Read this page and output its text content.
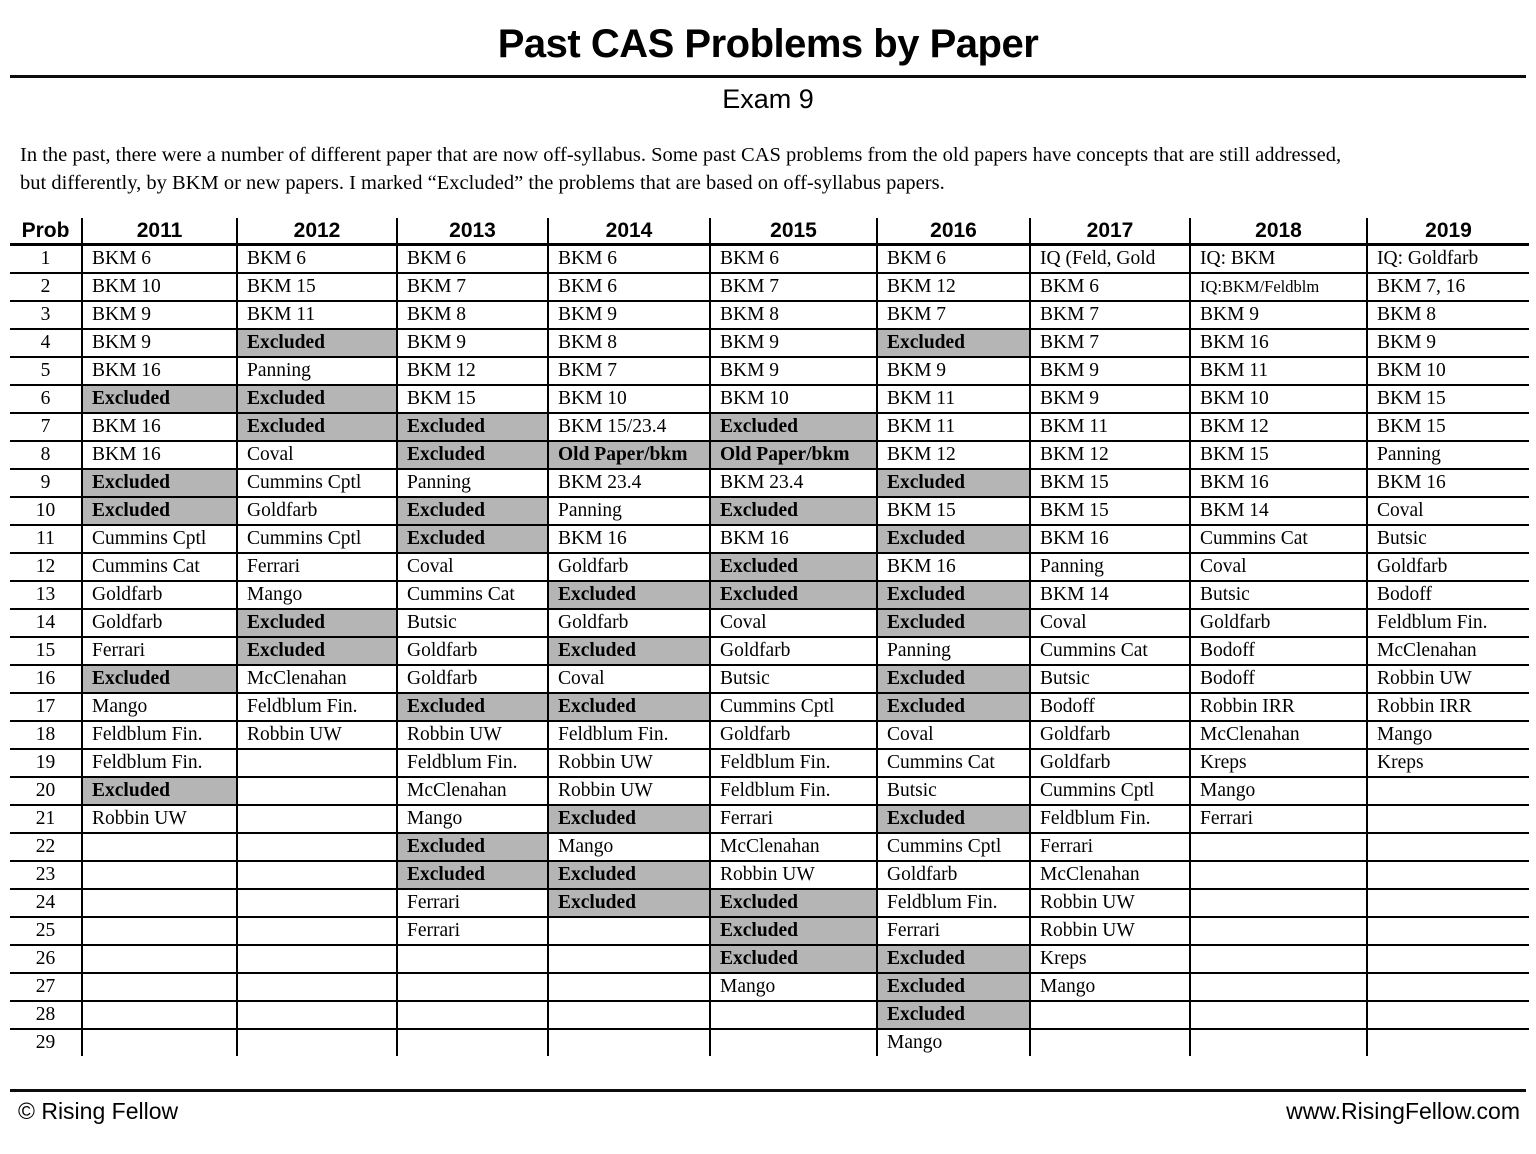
Past CAS Problems by Paper
Exam 9
In the past, there were a number of different paper that are now off-syllabus. Some past CAS problems from the old papers have concepts that are still addressed,
but differently, by BKM or new papers. I marked “Excluded” the problems that are based on off-syllabus papers.
Prob	2011	2012	2013	2014	2015	2016	2017	2018	2019
1	BKM 6	BKM 6	BKM 6	BKM 6	BKM 6	BKM 6	IQ (Feld, Gold	IQ: BKM	IQ: Goldfarb
2	BKM 10	BKM 15	BKM 7	BKM 6	BKM 7	BKM 12	BKM 6	IQ:BKM/Feldblm	BKM 7, 16
3	BKM 9	BKM 11	BKM 8	BKM 9	BKM 8	BKM 7	BKM 7	BKM 9	BKM 8
4	BKM 9	Excluded	BKM 9	BKM 8	BKM 9	Excluded	BKM 7	BKM 16	BKM 9
5	BKM 16	Panning	BKM 12	BKM 7	BKM 9	BKM 9	BKM 9	BKM 11	BKM 10
6	Excluded	Excluded	BKM 15	BKM 10	BKM 10	BKM 11	BKM 9	BKM 10	BKM 15
7	BKM 16	Excluded	Excluded	BKM 15/23.4	Excluded	BKM 11	BKM 11	BKM 12	BKM 15
8	BKM 16	Coval	Excluded	Old Paper/bkm	Old Paper/bkm	BKM 12	BKM 12	BKM 15	Panning
9	Excluded	Cummins Cptl	Panning	BKM 23.4	BKM 23.4	Excluded	BKM 15	BKM 16	BKM 16
10	Excluded	Goldfarb	Excluded	Panning	Excluded	BKM 15	BKM 15	BKM 14	Coval
11	Cummins Cptl	Cummins Cptl	Excluded	BKM 16	BKM 16	Excluded	BKM 16	Cummins Cat	Butsic
12	Cummins Cat	Ferrari	Coval	Goldfarb	Excluded	BKM 16	Panning	Coval	Goldfarb
13	Goldfarb	Mango	Cummins Cat	Excluded	Excluded	Excluded	BKM 14	Butsic	Bodoff
14	Goldfarb	Excluded	Butsic	Goldfarb	Coval	Excluded	Coval	Goldfarb	Feldblum Fin.
15	Ferrari	Excluded	Goldfarb	Excluded	Goldfarb	Panning	Cummins Cat	Bodoff	McClenahan
16	Excluded	McClenahan	Goldfarb	Coval	Butsic	Excluded	Butsic	Bodoff	Robbin UW
17	Mango	Feldblum Fin.	Excluded	Excluded	Cummins Cptl	Excluded	Bodoff	Robbin IRR	Robbin IRR
18	Feldblum Fin.	Robbin UW	Robbin UW	Feldblum Fin.	Goldfarb	Coval	Goldfarb	McClenahan	Mango
19	Feldblum Fin.		Feldblum Fin.	Robbin UW	Feldblum Fin.	Cummins Cat	Goldfarb	Kreps	Kreps
20	Excluded		McClenahan	Robbin UW	Feldblum Fin.	Butsic	Cummins Cptl	Mango	
21	Robbin UW		Mango	Excluded	Ferrari	Excluded	Feldblum Fin.	Ferrari	
22			Excluded	Mango	McClenahan	Cummins Cptl	Ferrari		
23			Excluded	Excluded	Robbin UW	Goldfarb	McClenahan		
24			Ferrari	Excluded	Excluded	Feldblum Fin.	Robbin UW		
25			Ferrari		Excluded	Ferrari	Robbin UW		
26					Excluded	Excluded	Kreps		
27					Mango	Excluded	Mango		
28						Excluded			
29						Mango			
© Rising Fellow	www.RisingFellow.com
